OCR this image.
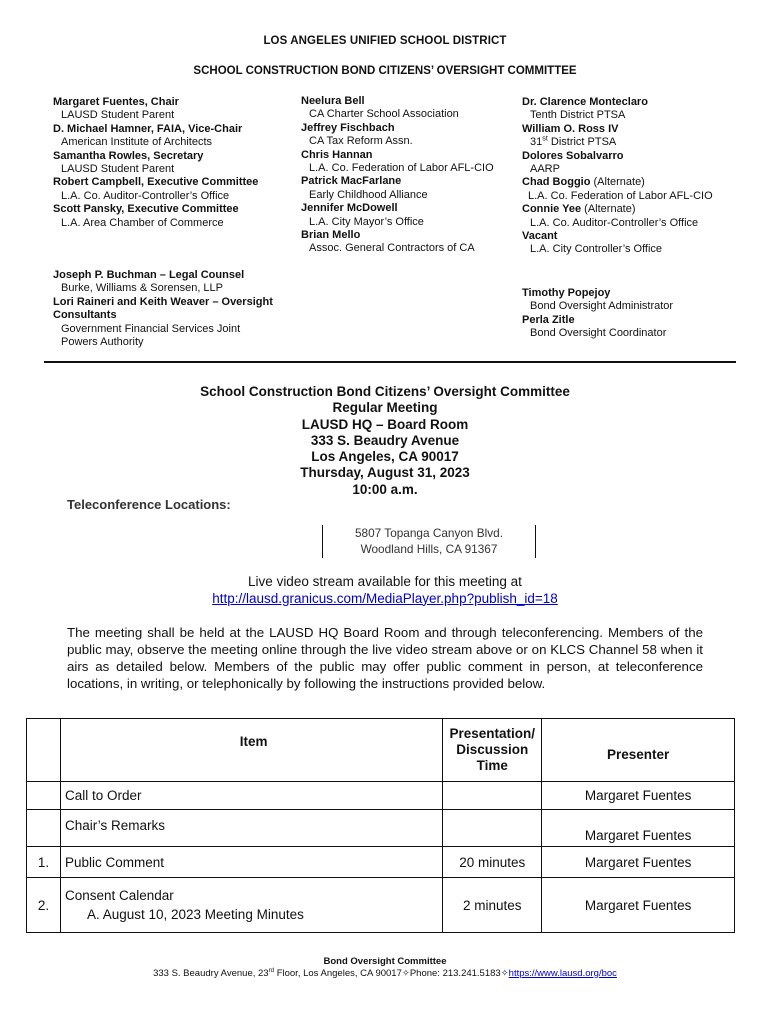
LOS ANGELES UNIFIED SCHOOL DISTRICT
SCHOOL CONSTRUCTION BOND CITIZENS’ OVERSIGHT COMMITTEE
Margaret Fuentes, Chair
LAUSD Student Parent
D. Michael Hamner, FAIA, Vice-Chair
American Institute of Architects
Samantha Rowles, Secretary
LAUSD Student Parent
Robert Campbell, Executive Committee
L.A. Co. Auditor-Controller’s Office
Scott Pansky, Executive Committee
L.A. Area Chamber of Commerce
Neelura Bell
CA Charter School Association
Jeffrey Fischbach
CA Tax Reform Assn.
Chris Hannan
L.A. Co. Federation of Labor AFL-CIO
Patrick MacFarlane
Early Childhood Alliance
Jennifer McDowell
L.A. City Mayor’s Office
Brian Mello
Assoc. General Contractors of CA
Dr. Clarence Monteclaro
Tenth District PTSA
William O. Ross IV
31st District PTSA
Dolores Sobalvarro
AARP
Chad Boggio (Alternate)
L.A. Co. Federation of Labor AFL-CIO
Connie Yee (Alternate)
L.A. Co. Auditor-Controller’s Office
Vacant
L.A. City Controller’s Office
Joseph P. Buchman – Legal Counsel
Burke, Williams & Sorensen, LLP
Lori Raineri and Keith Weaver – Oversight
Consultants
Government Financial Services Joint
Powers Authority
Timothy Popejoy
Bond Oversight Administrator
Perla Zitle
Bond Oversight Coordinator
School Construction Bond Citizens’ Oversight Committee
Regular Meeting
LAUSD HQ – Board Room
333 S. Beaudry Avenue
Los Angeles, CA 90017
Thursday, August 31, 2023
10:00 a.m.
Teleconference Locations:
5807 Topanga Canyon Blvd.
Woodland Hills, CA 91367
Live video stream available for this meeting at
http://lausd.granicus.com/MediaPlayer.php?publish_id=18
The meeting shall be held at the LAUSD HQ Board Room and through teleconferencing. Members of the public may, observe the meeting online through the live video stream above or on KLCS Channel 58 when it airs as detailed below. Members of the public may offer public comment in person, at teleconference locations, in writing, or telephonically by following the instructions provided below.
	Item	Presentation/
Discussion
Time	Presenter
	Call to Order		Margaret Fuentes
	Chair’s Remarks		Margaret Fuentes
1.	Public Comment	20 minutes	Margaret Fuentes
2.	Consent Calendar
A. August 10, 2023 Meeting Minutes	2 minutes	Margaret Fuentes
Bond Oversight Committee
333 S. Beaudry Avenue, 23rd Floor, Los Angeles, CA 90017✧Phone: 213.241.5183✧https://www.lausd.org/boc
